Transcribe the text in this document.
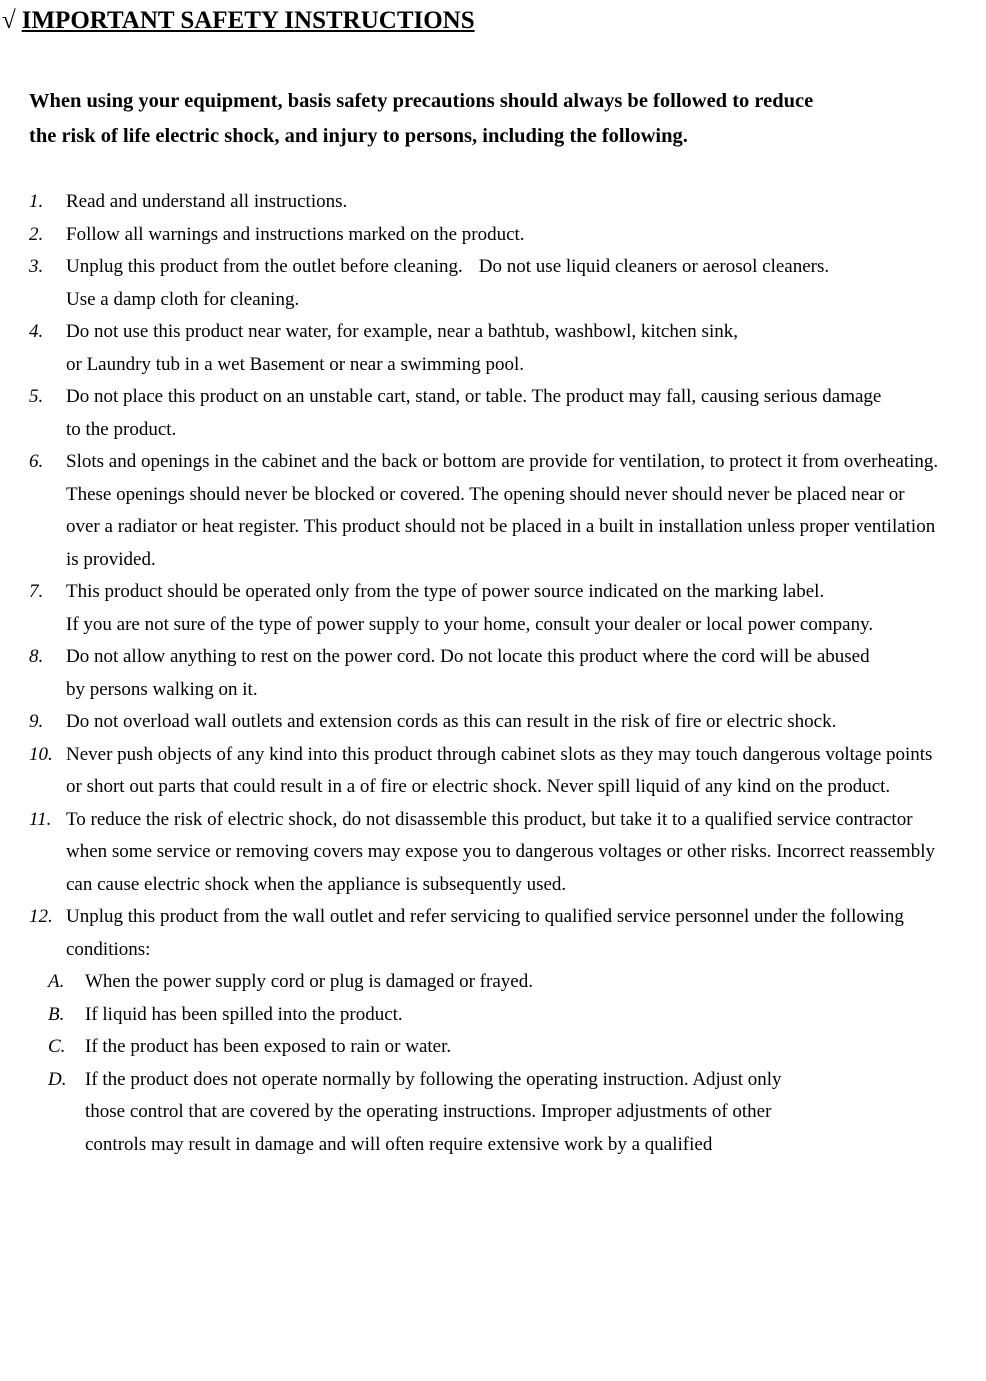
√ IMPORTANT SAFETY INSTRUCTIONS
When using your equipment, basis safety precautions should always be followed to reduce
the risk of life electric shock, and injury to persons, including the following.
1. Read and understand all instructions.
2. Follow all warnings and instructions marked on the product.
3. Unplug this product from the outlet before cleaning. Do not use liquid cleaners or aerosol cleaners.
Use a damp cloth for cleaning.
4. Do not use this product near water, for example, near a bathtub, washbowl, kitchen sink,
or Laundry tub in a wet Basement or near a swimming pool.
5. Do not place this product on an unstable cart, stand, or table. The product may fall, causing serious damage
to the product.
6. Slots and openings in the cabinet and the back or bottom are provide for ventilation, to protect it from overheating.
These openings should never be blocked or covered. The opening should never should never be placed near or
over a radiator or heat register. This product should not be placed in a built in installation unless proper ventilation
is provided.
7. This product should be operated only from the type of power source indicated on the marking label.
If you are not sure of the type of power supply to your home, consult your dealer or local power company.
8. Do not allow anything to rest on the power cord. Do not locate this product where the cord will be abused
by persons walking on it.
9. Do not overload wall outlets and extension cords as this can result in the risk of fire or electric shock.
10. Never push objects of any kind into this product through cabinet slots as they may touch dangerous voltage points
or short out parts that could result in a of fire or electric shock. Never spill liquid of any kind on the product.
11. To reduce the risk of electric shock, do not disassemble this product, but take it to a qualified service contractor
when some service or removing covers may expose you to dangerous voltages or other risks. Incorrect reassembly
can cause electric shock when the appliance is subsequently used.
12. Unplug this product from the wall outlet and refer servicing to qualified service personnel under the following
conditions:
A. When the power supply cord or plug is damaged or frayed.
B. If liquid has been spilled into the product.
C. If the product has been exposed to rain or water.
D. If the product does not operate normally by following the operating instruction. Adjust only
those control that are covered by the operating instructions. Improper adjustments of other
controls may result in damage and will often require extensive work by a qualified
